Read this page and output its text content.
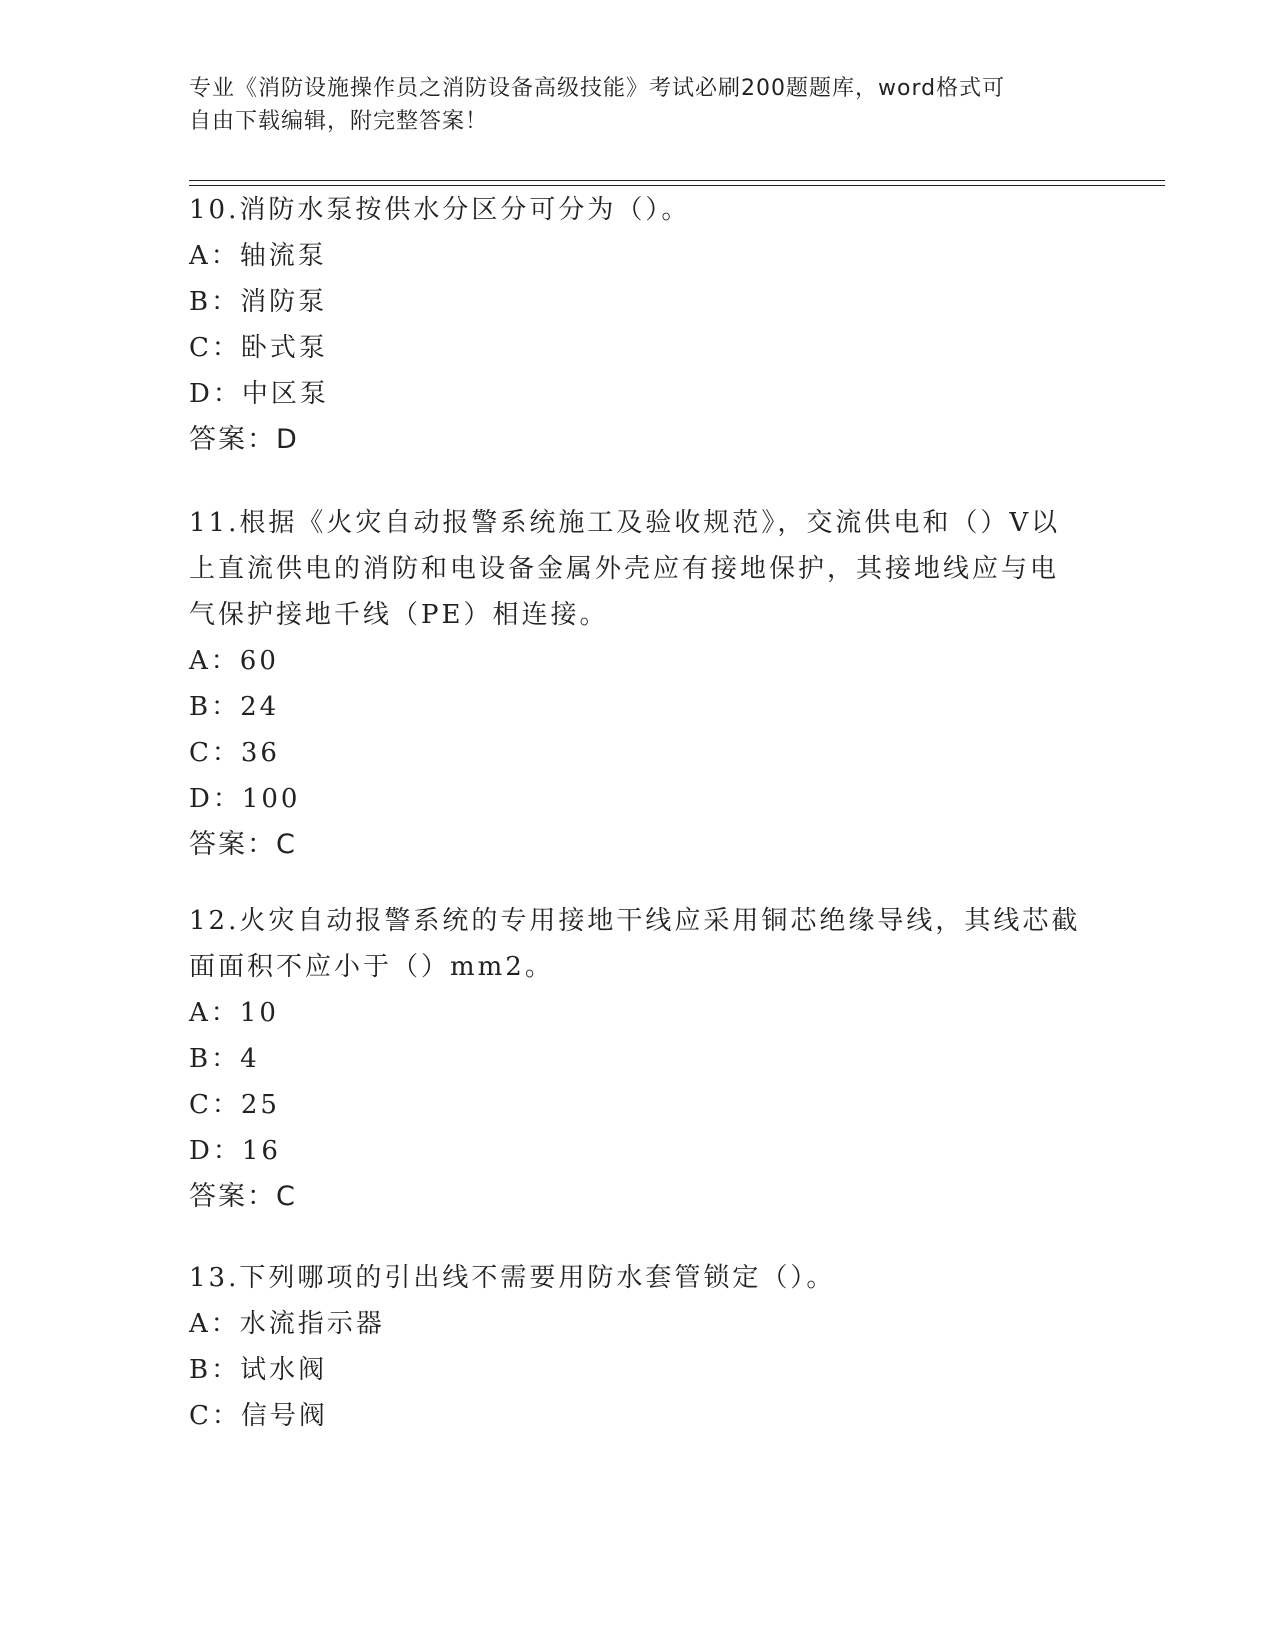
专业《消防设施操作员之消防设备高级技能》考试必刷200题题库，word格式可
自由下载编辑，附完整答案！
10.消防水泵按供水分区分可分为（）。
A：轴流泵
B：消防泵
C：卧式泵
D：中区泵
答案：D
11.根据《火灾自动报警系统施工及验收规范》，交流供电和（）V以
上直流供电的消防和电设备金属外壳应有接地保护，其接地线应与电
气保护接地千线（PE）相连接。
A：60
B：24
C：36
D：100
答案：C
12.火灾自动报警系统的专用接地干线应采用铜芯绝缘导线，其线芯截
面面积不应小于（）mm2。
A：10
B：4
C：25
D：16
答案：C
13.下列哪项的引出线不需要用防水套管锁定（）。
A：水流指示器
B：试水阀
C：信号阀
